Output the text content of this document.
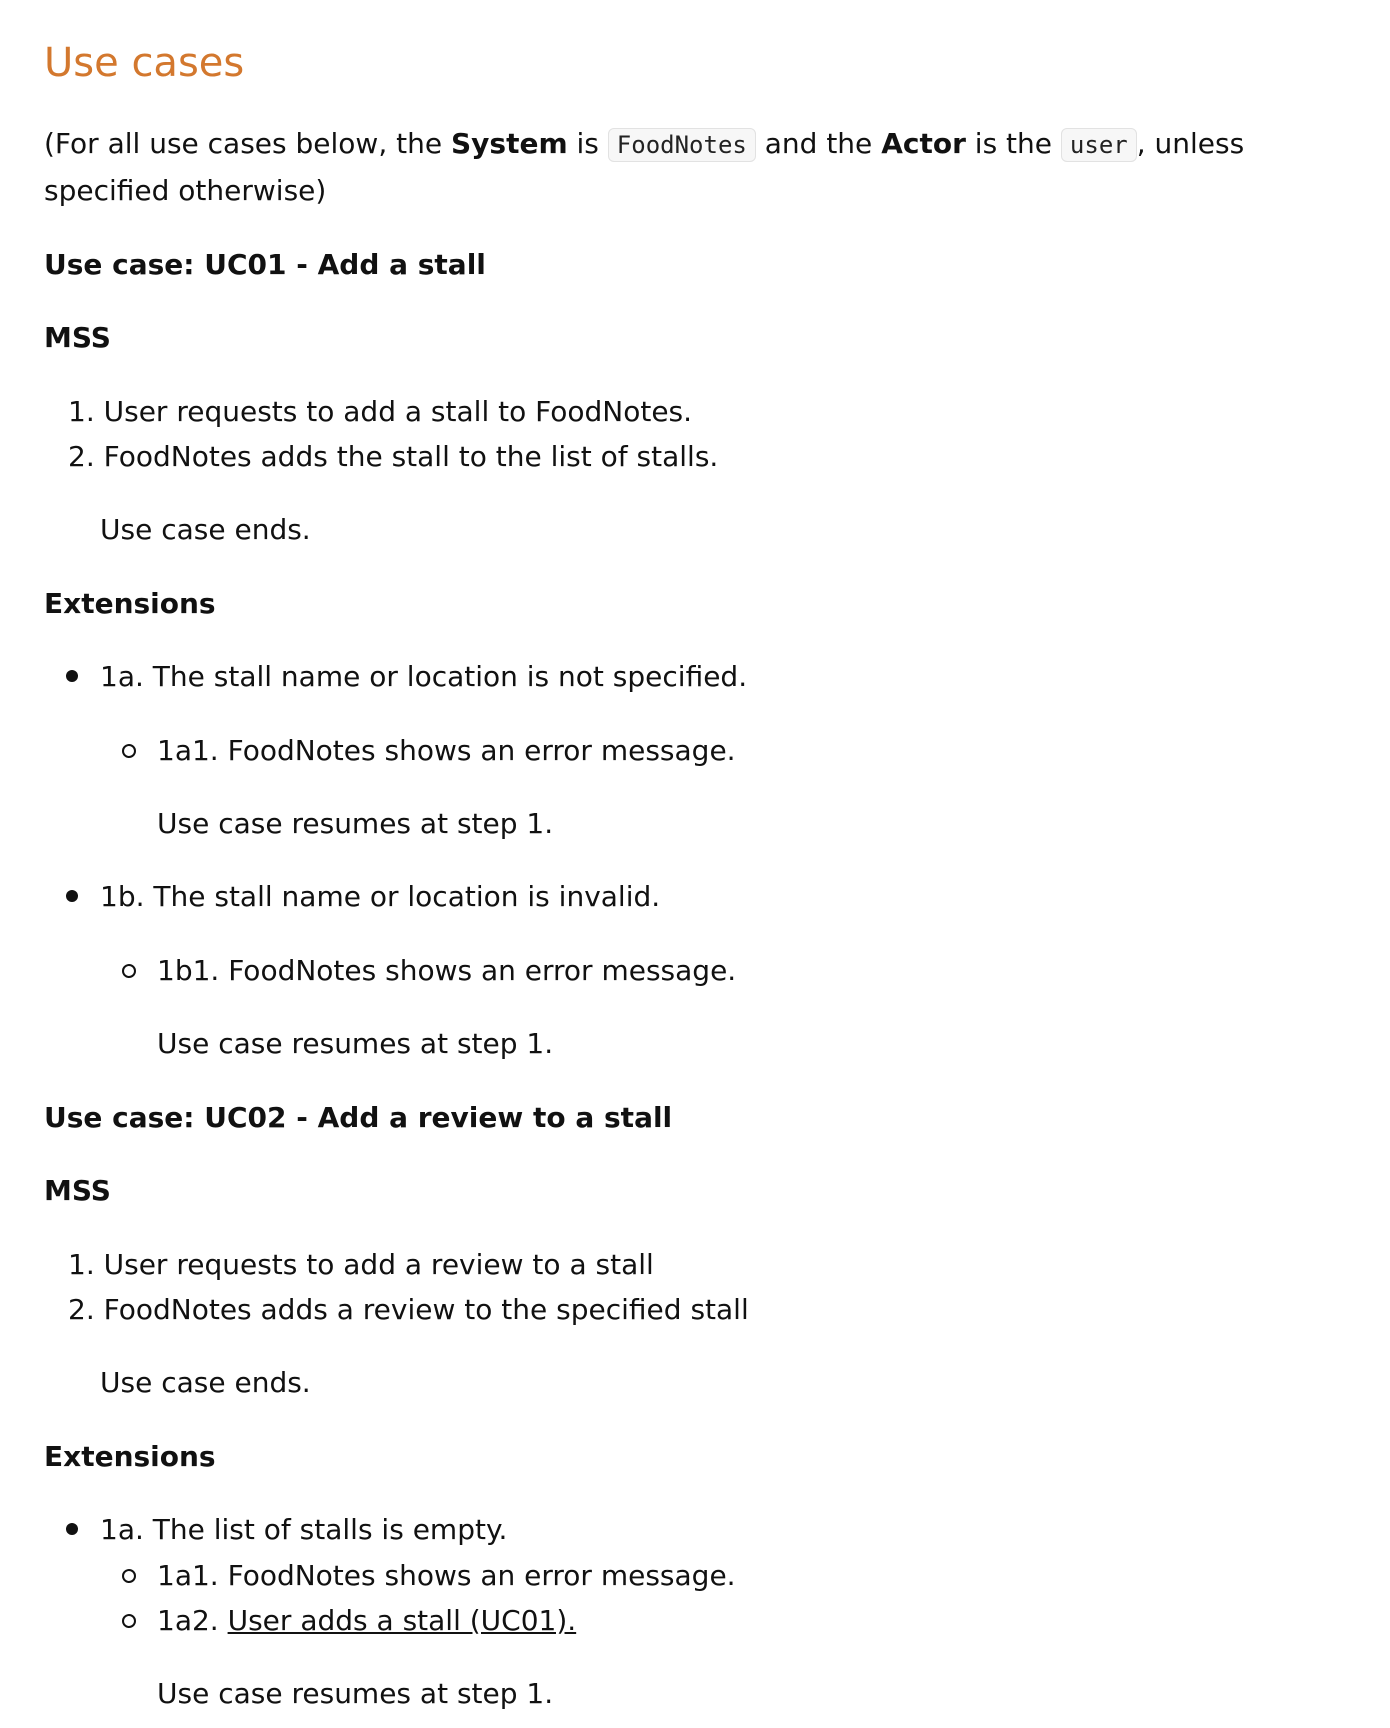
Use cases
(For all use cases below, the System is FoodNotes and the Actor is the user , unless specified otherwise)
Use case: UC01 - Add a stall
MSS
1. User requests to add a stall to FoodNotes.
2. FoodNotes adds the stall to the list of stalls.
Use case ends.
Extensions
1a. The stall name or location is not specified.
1a1. FoodNotes shows an error message.
Use case resumes at step 1.
1b. The stall name or location is invalid.
1b1. FoodNotes shows an error message.
Use case resumes at step 1.
Use case: UC02 - Add a review to a stall
MSS
1. User requests to add a review to a stall
2. FoodNotes adds a review to the specified stall
Use case ends.
Extensions
1a. The list of stalls is empty.
1a1. FoodNotes shows an error message.
1a2. User adds a stall (UC01).
Use case resumes at step 1.
